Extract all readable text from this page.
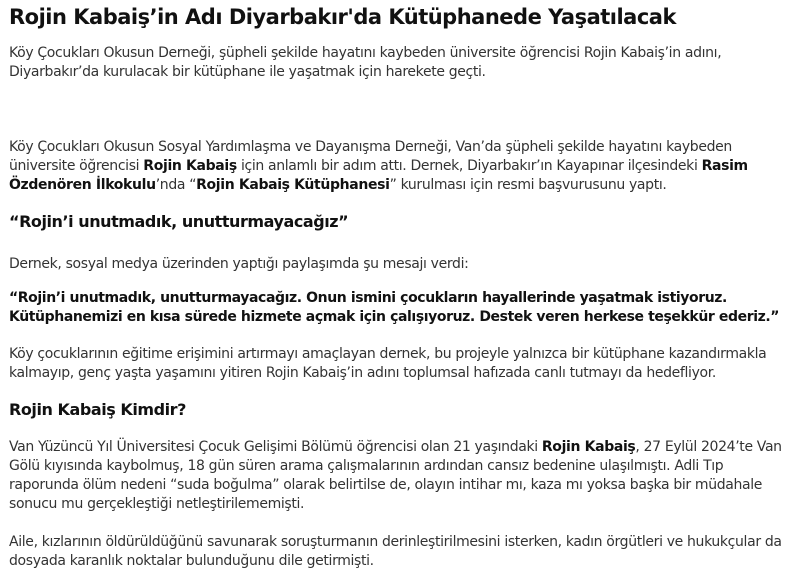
Rojin Kabaiş’in Adı Diyarbakır'da Kütüphanede Yaşatılacak

Köy Çocukları Okusun Derneği, şüpheli şekilde hayatını kaybeden üniversite öğrencisi Rojin Kabaiş’in adını, Diyarbakır’da kurulacak bir kütüphane ile yaşatmak için harekete geçti.

Köy Çocukları Okusun Sosyal Yardımlaşma ve Dayanışma Derneği, Van’da şüpheli şekilde hayatını kaybeden üniversite öğrencisi Rojin Kabaiş için anlamlı bir adım attı. Dernek, Diyarbakır’ın Kayapınar ilçesindeki Rasim Özdenören İlkokulu’nda “Rojin Kabaiş Kütüphanesi” kurulması için resmi başvurusunu yaptı.

“Rojin’i unutmadık, unutturmayacağız”

Dernek, sosyal medya üzerinden yaptığı paylaşımda şu mesajı verdi:

“Rojin’i unutmadık, unutturmayacağız. Onun ismini çocukların hayallerinde yaşatmak istiyoruz. Kütüphanemizi en kısa sürede hizmete açmak için çalışıyoruz. Destek veren herkese teşekkür ederiz.”

Köy çocuklarının eğitime erişimini artırmayı amaçlayan dernek, bu projeyle yalnızca bir kütüphane kazandırmakla kalmayıp, genç yaşta yaşamını yitiren Rojin Kabaiş’in adını toplumsal hafızada canlı tutmayı da hedefliyor.

Rojin Kabaiş Kimdir?

Van Yüzüncü Yıl Üniversitesi Çocuk Gelişimi Bölümü öğrencisi olan 21 yaşındaki Rojin Kabaiş, 27 Eylül 2024’te Van Gölü kıyısında kaybolmuş, 18 gün süren arama çalışmalarının ardından cansız bedenine ulaşılmıştı. Adli Tıp raporunda ölüm nedeni “suda boğulma” olarak belirtilse de, olayın intihar mı, kaza mı yoksa başka bir müdahale sonucu mu gerçekleştiği netleştirilememişti.

Aile, kızlarının öldürüldüğünü savunarak soruşturmanın derinleştirilmesini isterken, kadın örgütleri ve hukukçular da dosyada karanlık noktalar bulunduğunu dile getirmişti.
